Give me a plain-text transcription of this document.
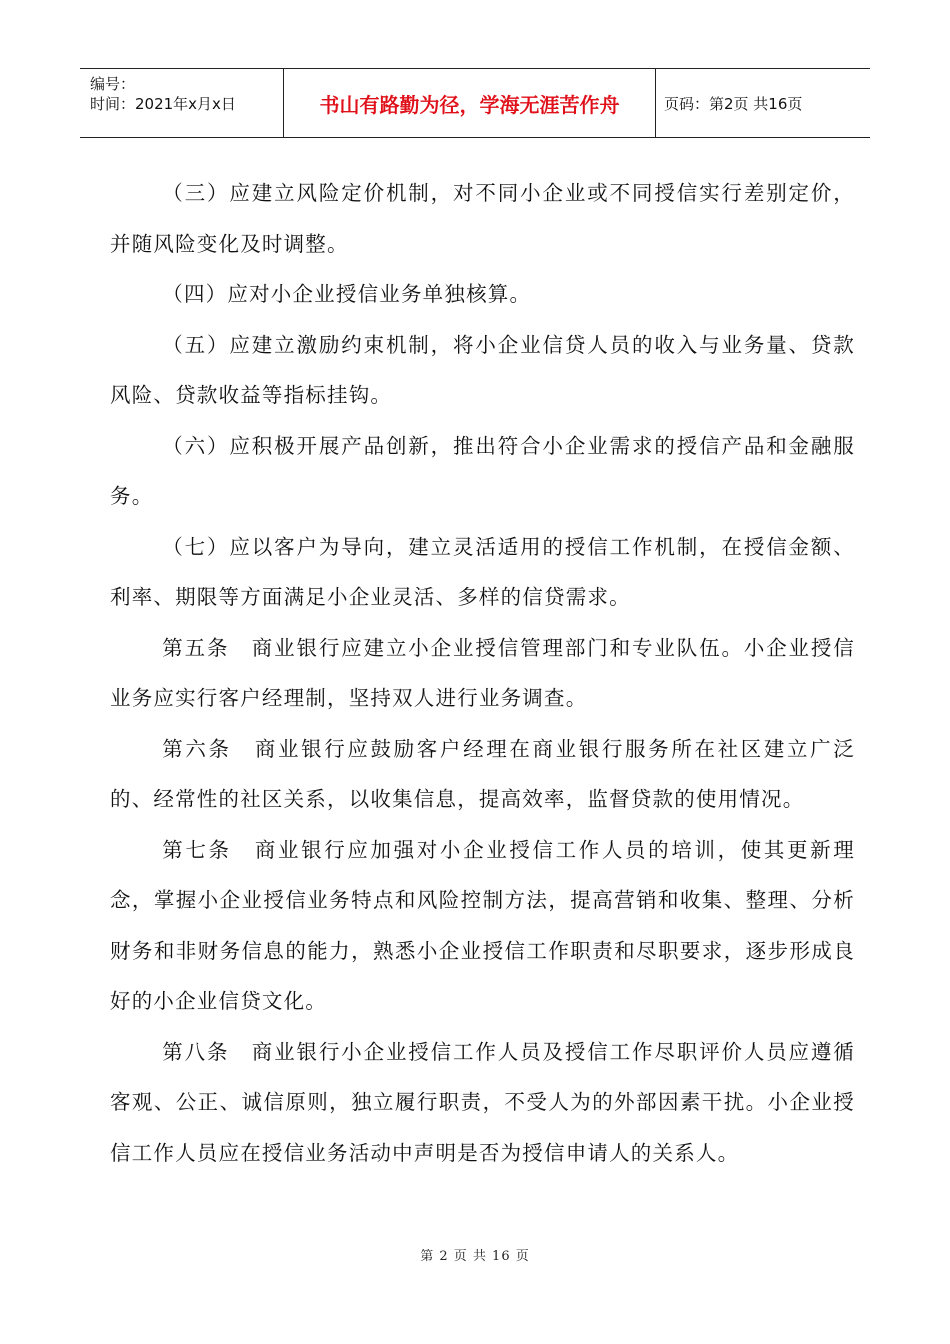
编号：
时间：2021年x月x日	书山有路勤为径，学海无涯苦作舟	页码：第2页 共16页

（三）应建立风险定价机制，对不同小企业或不同授信实行差别定价，并随风险变化及时调整。

（四）应对小企业授信业务单独核算。

（五）应建立激励约束机制，将小企业信贷人员的收入与业务量、贷款风险、贷款收益等指标挂钩。

（六）应积极开展产品创新，推出符合小企业需求的授信产品和金融服务。

（七）应以客户为导向，建立灵活适用的授信工作机制，在授信金额、利率、期限等方面满足小企业灵活、多样的信贷需求。

第五条　商业银行应建立小企业授信管理部门和专业队伍。小企业授信业务应实行客户经理制，坚持双人进行业务调查。

第六条　商业银行应鼓励客户经理在商业银行服务所在社区建立广泛的、经常性的社区关系，以收集信息，提高效率，监督贷款的使用情况。

第七条　商业银行应加强对小企业授信工作人员的培训，使其更新理念，掌握小企业授信业务特点和风险控制方法，提高营销和收集、整理、分析财务和非财务信息的能力，熟悉小企业授信工作职责和尽职要求，逐步形成良好的小企业信贷文化。

第八条　商业银行小企业授信工作人员及授信工作尽职评价人员应遵循客观、公正、诚信原则，独立履行职责，不受人为的外部因素干扰。小企业授信工作人员应在授信业务活动中声明是否为授信申请人的关系人。

第 2 页 共 16 页
